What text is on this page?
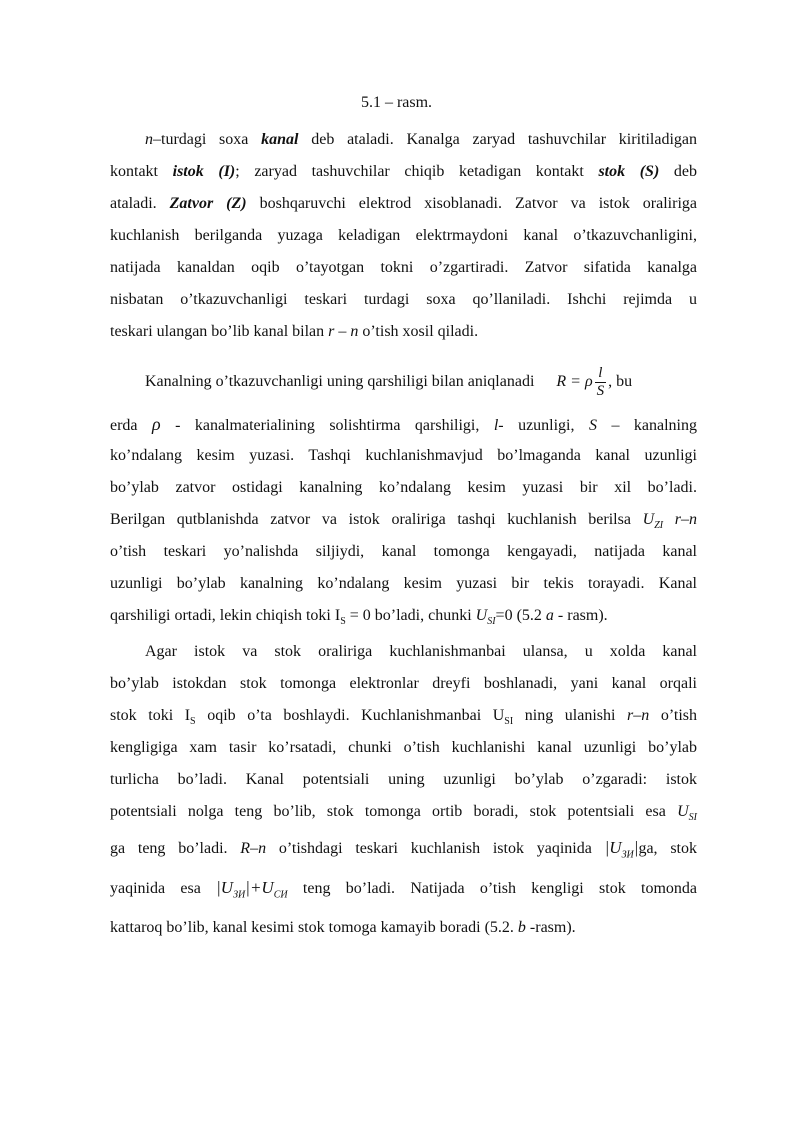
5.1 – rasm.
n–turdagi soxa kanal deb ataladi. Kanalga zaryad tashuvchilar kiritiladigan
kontakt istok (I); zaryad tashuvchilar chiqib ketadigan kontakt stok (S) deb
ataladi. Zatvor (Z) boshqaruvchi elektrod xisoblanadi. Zatvor va istok oralirigа
kuchlanish berilganda yuzaga keladigan elektrmaydoni kanal o’tkazuvchanligini,
natijada kanaldan oqib o’tayotgan tokni o’zgartiradi. Zatvor sifatida kanalga
nisbatan o’tkazuvchanligi teskari turdagi soxa qo’llaniladi. Ishchi rejimda u
teskari ulangan bo’lib kanal bilan r – n o’tish xosil qiladi.
Kanalning o’tkazuvchanligi uning qarshiligi bilan aniqlanadi R = ρ $\frac{l}{S}$ , bu
erda ρ - kanalmaterialining solishtirma qarshiligi, l- uzunligi, S – kanalning
ko’ndalang kesim yuzasi. Tashqi kuchlanishmavjud bo’lmaganda kanal uzunligi
bo’ylab zatvor ostidagi kanalning ko’ndalang kesim yuzasi bir xil bo’ladi.
Berilgan qutblanishda zatvor va istok oralirigа tashqi kuchlanish berilsa $U_{ZI}$ r–n
o’tish teskari yo’nalishda siljiydi, kanal tomonga kengayadi, natijada kanal
uzunligi bo’ylab kanalning ko’ndalang kesim yuzasi bir tekis torayadi. Kanal
qarshiligi ortadi, lekin chiqish toki $I_S = 0$ bo’ladi, chunki $U_{SI}=0$ (5.2 a - rasm).
Agar istok va stok oralirigа kuchlanishmanbai ulansa, u xolda kanal
bo’ylab istokdan stok tomonga elektronlar dreyfi boshlanadi, yani kanal orqali
stok toki $I_S$ oqib o’ta boshlaydi. Kuchlanishmanbai $U_{SI}$ ning ulanishi r–n o’tish
kengligiga xam tasir ko’rsatadi, chunki o’tish kuchlanishi kanal uzunligi bo’ylab
turlicha bo’ladi. Kanal potentsiali uning uzunligi bo’ylab o’zgaradi: istok
potentsiali nolga teng bo’lib, stok tomonga ortib boradi, stok potentsiali esa $U_{SI}$
ga teng bo’ladi. R–n o’tishdagi teskari kuchlanish istok yaqinida $|U_{ЗИ}|ga$, stok
yaqinida esa $|U_{ЗИ}|+U_{СИ}$ teng bo’ladi. Natijada o’tish kengligi stok tomonda
kattaroq bo’lib, kanal kesimi stok tomoga kamayib boradi (5.2. b -rasm).
